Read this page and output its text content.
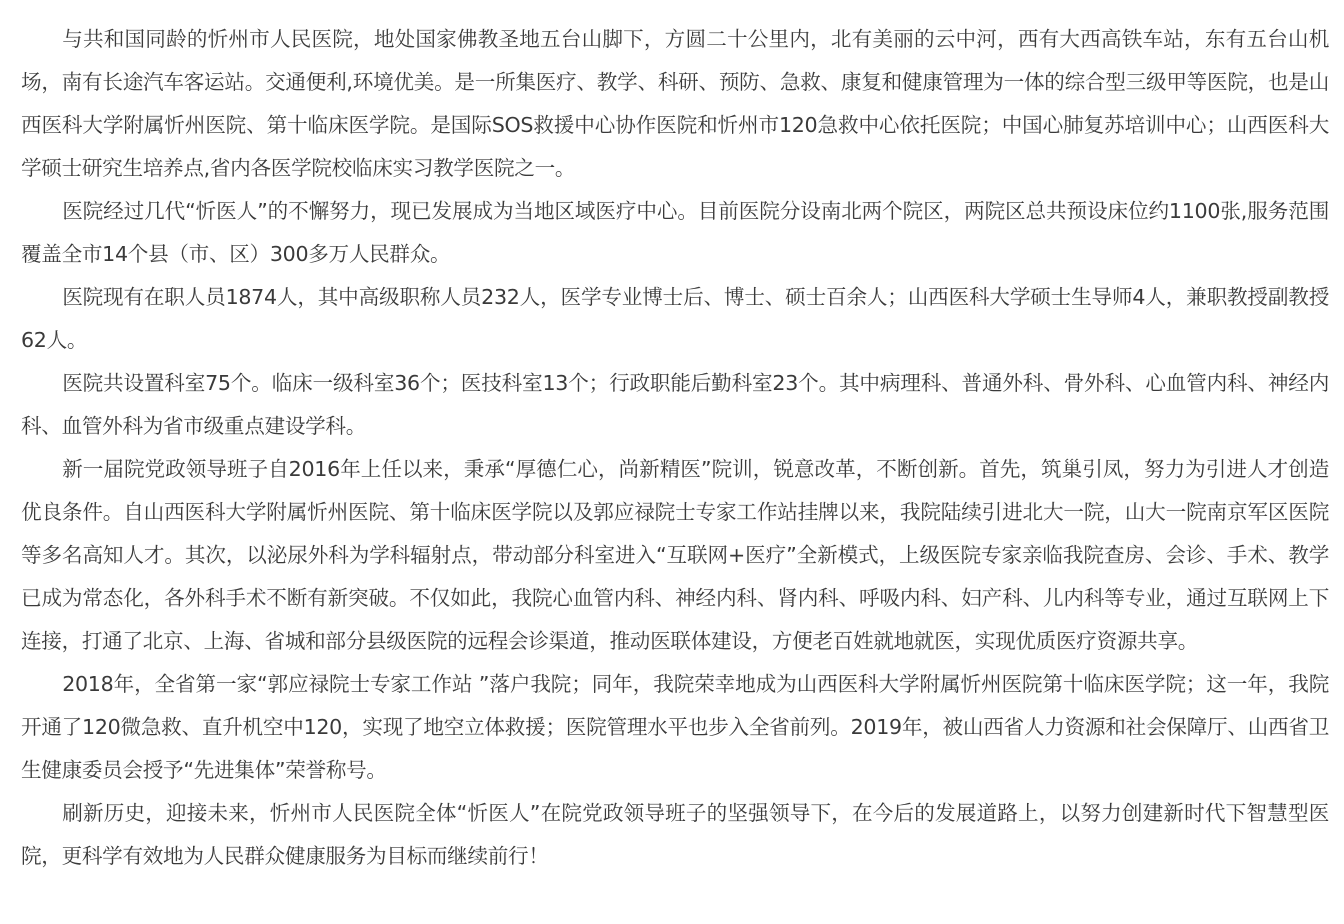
与共和国同龄的忻州市人民医院，地处国家佛教圣地五台山脚下，方圆二十公里内，北有美丽的云中河，西有大西高铁车站，东有五台山机场，南有长途汽车客运站。交通便利,环境优美。是一所集医疗、教学、科研、预防、急救、康复和健康管理为一体的综合型三级甲等医院，也是山西医科大学附属忻州医院、第十临床医学院。是国际SOS救援中心协作医院和忻州市120急救中心依托医院；中国心肺复苏培训中心；山西医科大学硕士研究生培养点,省内各医学院校临床实习教学医院之一。

医院经过几代“忻医人”的不懈努力，现已发展成为当地区域医疗中心。目前医院分设南北两个院区，两院区总共预设床位约1100张,服务范围覆盖全市14个县（市、区）300多万人民群众。

医院现有在职人员1874人，其中高级职称人员232人，医学专业博士后、博士、硕士百余人；山西医科大学硕士生导师4人，兼职教授副教授62人。

医院共设置科室75个。临床一级科室36个；医技科室13个；行政职能后勤科室23个。其中病理科、普通外科、骨外科、心血管内科、神经内科、血管外科为省市级重点建设学科。

新一届院党政领导班子自2016年上任以来，秉承“厚德仁心，尚新精医”院训，锐意改革，不断创新。首先，筑巢引凤，努力为引进人才创造优良条件。自山西医科大学附属忻州医院、第十临床医学院以及郭应禄院士专家工作站挂牌以来，我院陆续引进北大一院，山大一院南京军区医院等多名高知人才。其次，以泌尿外科为学科辐射点，带动部分科室进入“互联网+医疗”全新模式，上级医院专家亲临我院查房、会诊、手术、教学已成为常态化，各外科手术不断有新突破。不仅如此，我院心血管内科、神经内科、肾内科、呼吸内科、妇产科、儿内科等专业，通过互联网上下连接，打通了北京、上海、省城和部分县级医院的远程会诊渠道，推动医联体建设，方便老百姓就地就医，实现优质医疗资源共享。

2018年，全省第一家“郭应禄院士专家工作站 ”落户我院；同年，我院荣幸地成为山西医科大学附属忻州医院第十临床医学院；这一年，我院开通了120微急救、直升机空中120，实现了地空立体救援；医院管理水平也步入全省前列。2019年，被山西省人力资源和社会保障厅、山西省卫生健康委员会授予“先进集体”荣誉称号。

刷新历史，迎接未来，忻州市人民医院全体“忻医人”在院党政领导班子的坚强领导下，在今后的发展道路上，以努力创建新时代下智慧型医院，更科学有效地为人民群众健康服务为目标而继续前行！
